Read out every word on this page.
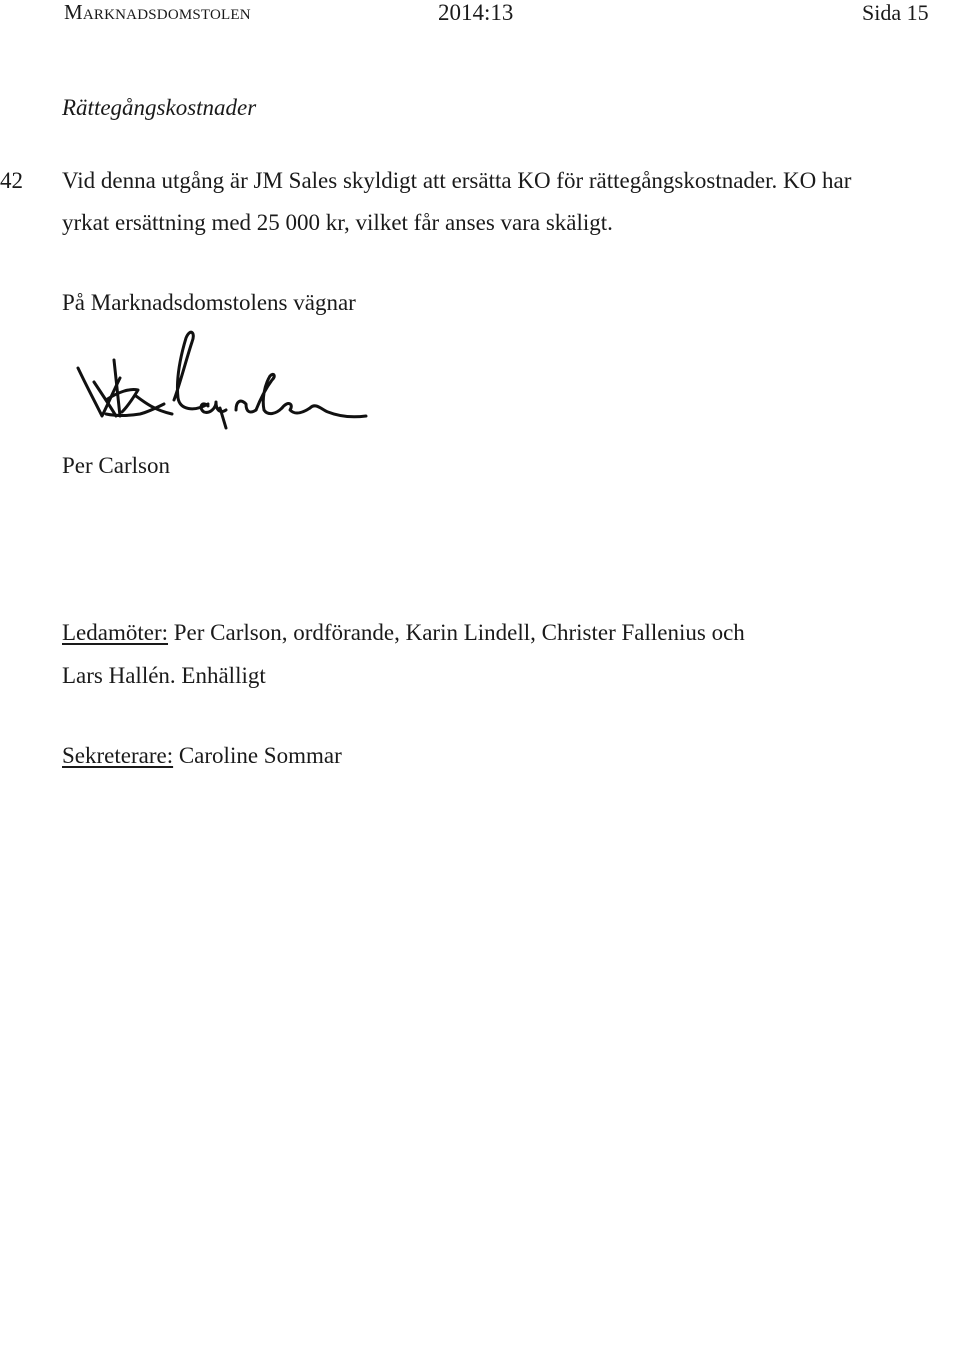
Marknadsdomstolen	2014:13	Sida 15
Rättegångskostnader
42 Vid denna utgång är JM Sales skyldigt att ersätta KO för rättegångskostnader. KO har
yrkat ersättning med 25 000 kr, vilket får anses vara skäligt.
På Marknadsdomstolens vägnar
Per Carlson
Ledamöter: Per Carlson, ordförande, Karin Lindell, Christer Fallenius och
Lars Hallén. Enhälligt
Sekreterare: Caroline Sommar
